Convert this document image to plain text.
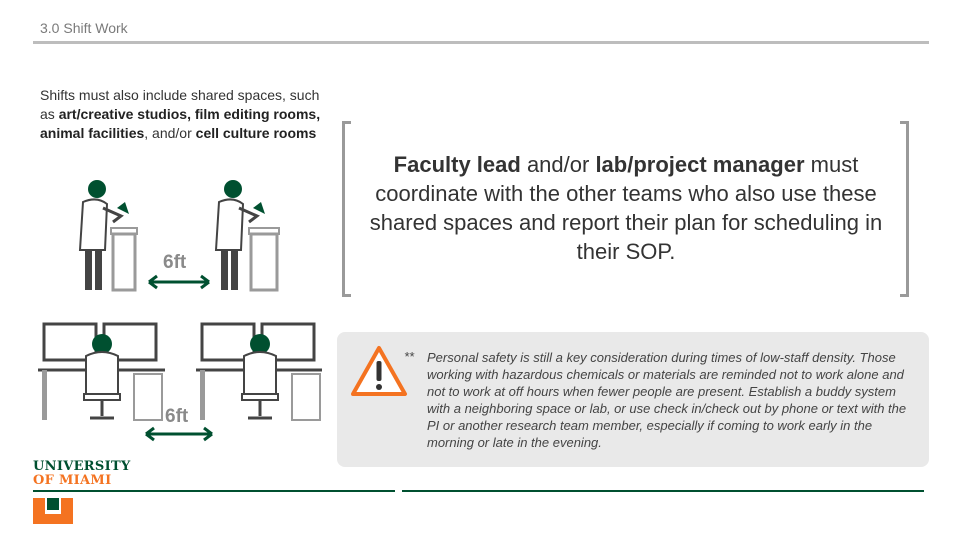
3.0 Shift Work
Shifts must also include shared spaces, such as art/creative studios, film editing rooms, animal facilities, and/or cell culture rooms
6ft
6ft
Faculty lead and/or lab/project manager must coordinate with the other teams who also use these shared spaces and report their plan for scheduling in their SOP.
** Personal safety is still a key consideration during times of low-staff density. Those working with hazardous chemicals or materials are reminded not to work alone and not to work at off hours when fewer people are present. Establish a buddy system with a neighboring space or lab, or use check in/check out by phone or text with the PI or another research team member, especially if coming to work early in the morning or late in the evening.
UNIVERSITY
OF MIAMI
